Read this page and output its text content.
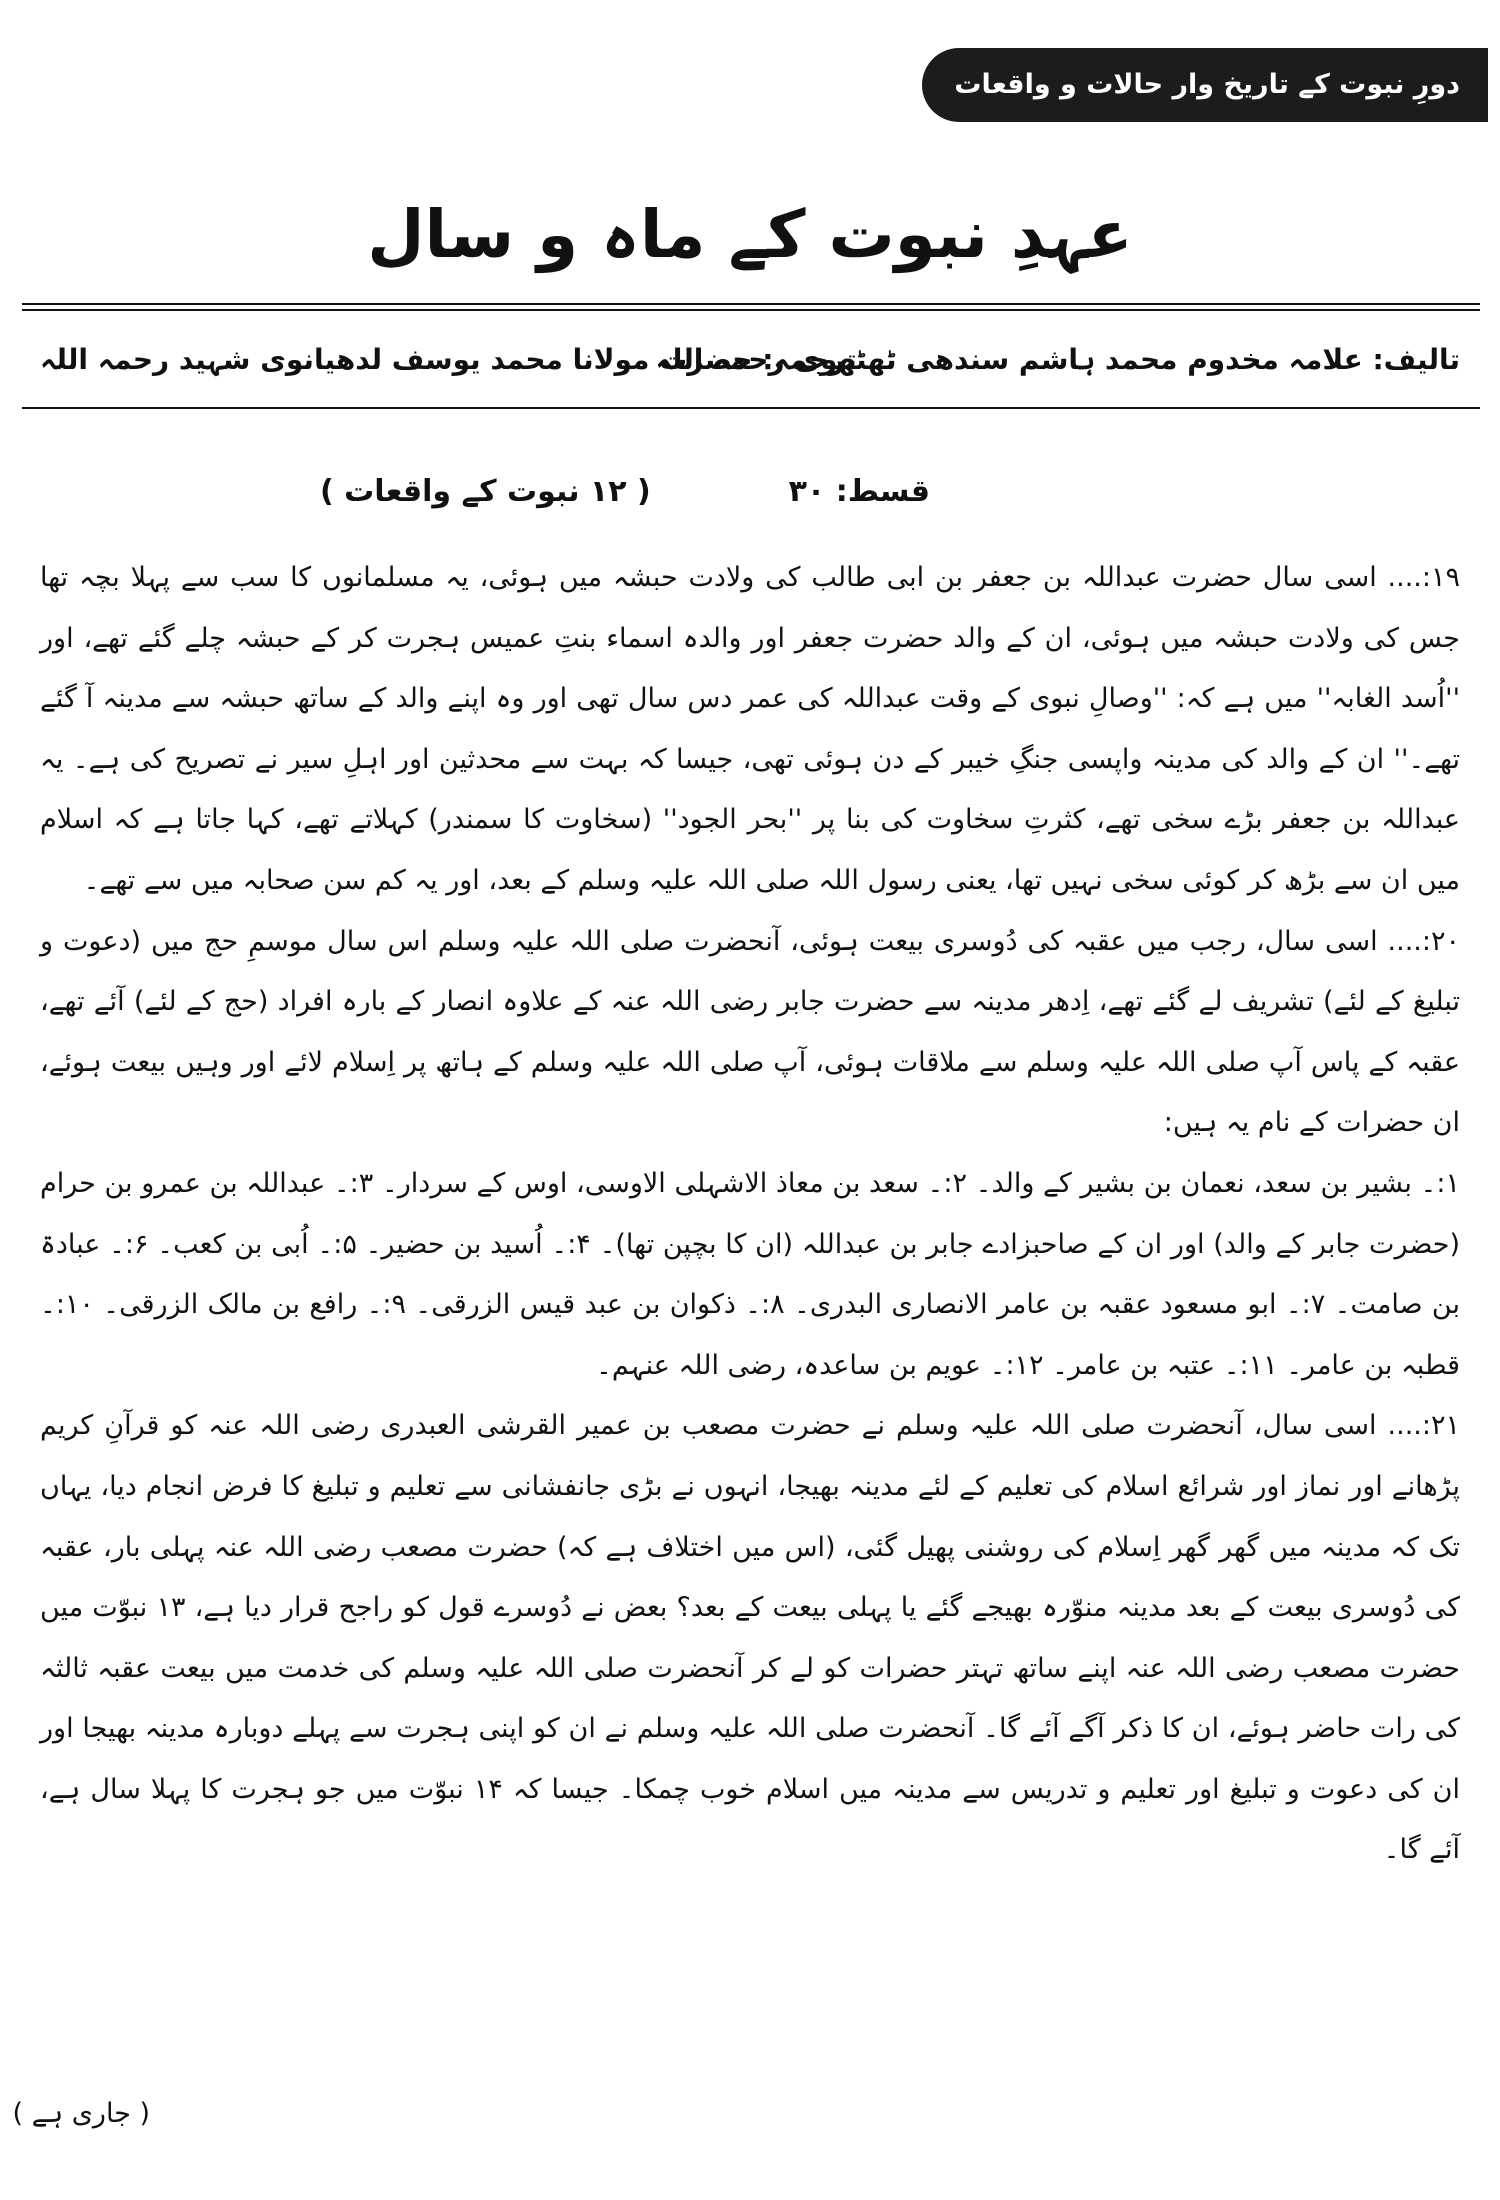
دورِ نبوت کے تاریخ وار حالات و واقعات
عہدِ نبوت کے ماہ و سال
تالیف: علامہ مخدوم محمد ہاشم سندھی ٹھٹھوی رحمہ اللہ
ترجمہ: حضرت مولانا محمد یوسف لدھیانوی شہید رحمہ اللہ
قسط: ۳۰
( ۱۲ نبوت کے واقعات )

۱۹:.... اسی سال حضرت عبداللہ بن جعفر بن ابی طالب کی ولادت حبشہ میں ہوئی، یہ مسلمانوں کا سب سے پہلا بچہ تھا جس کی ولادت حبشہ میں ہوئی، ان کے والد حضرت جعفر اور والدہ اسماء بنتِ عمیس ہجرت کر کے حبشہ چلے گئے تھے، اور ''اُسد الغابہ'' میں ہے کہ: ''وصالِ نبوی کے وقت عبداللہ کی عمر دس سال تھی اور وہ اپنے والد کے ساتھ حبشہ سے مدینہ آ گئے تھے۔'' ان کے والد کی مدینہ واپسی جنگِ خیبر کے دن ہوئی تھی، جیسا کہ بہت سے محدثین اور اہلِ سیر نے تصریح کی ہے۔ یہ عبداللہ بن جعفر بڑے سخی تھے، کثرتِ سخاوت کی بنا پر ''بحر الجود'' (سخاوت کا سمندر) کہلاتے تھے، کہا جاتا ہے کہ اسلام میں ان سے بڑھ کر کوئی سخی نہیں تھا، یعنی رسول اللہ صلی اللہ علیہ وسلم کے بعد، اور یہ کم سن صحابہ میں سے تھے۔

۲۰:.... اسی سال، رجب میں عقبہ کی دُوسری بیعت ہوئی، آنحضرت صلی اللہ علیہ وسلم اس سال موسمِ حج میں (دعوت و تبلیغ کے لئے) تشریف لے گئے تھے، اِدھر مدینہ سے حضرت جابر رضی اللہ عنہ کے علاوہ انصار کے بارہ افراد (حج کے لئے) آئے تھے، عقبہ کے پاس آپ صلی اللہ علیہ وسلم سے ملاقات ہوئی، آپ صلی اللہ علیہ وسلم کے ہاتھ پر اِسلام لائے اور وہیں بیعت ہوئے، ان حضرات کے نام یہ ہیں:

۱:۔ بشیر بن سعد، نعمان بن بشیر کے والد۔ ۲:۔ سعد بن معاذ الاشہلی الاوسی، اوس کے سردار۔ ۳:۔ عبداللہ بن عمرو بن حرام (حضرت جابر کے والد) اور ان کے صاحبزادے جابر بن عبداللہ (ان کا بچپن تھا)۔ ۴:۔ اُسید بن حضیر۔ ۵:۔ اُبی بن کعب۔ ۶:۔ عبادۃ بن صامت۔ ۷:۔ ابو مسعود عقبہ بن عامر الانصاری البدری۔ ۸:۔ ذکوان بن عبد قیس الزرقی۔ ۹:۔ رافع بن مالک الزرقی۔ ۱۰:۔ قطبہ بن عامر۔ ۱۱:۔ عتبہ بن عامر۔ ۱۲:۔ عویم بن ساعدہ، رضی اللہ عنہم۔

۲۱:.... اسی سال، آنحضرت صلی اللہ علیہ وسلم نے حضرت مصعب بن عمیر القرشی العبدری رضی اللہ عنہ کو قرآنِ کریم پڑھانے اور نماز اور شرائع اسلام کی تعلیم کے لئے مدینہ بھیجا، انہوں نے بڑی جانفشانی سے تعلیم و تبلیغ کا فرض انجام دیا، یہاں تک کہ مدینہ میں گھر گھر اِسلام کی روشنی پھیل گئی، (اس میں اختلاف ہے کہ) حضرت مصعب رضی اللہ عنہ پہلی بار، عقبہ کی دُوسری بیعت کے بعد مدینہ منوّرہ بھیجے گئے یا پہلی بیعت کے بعد؟ بعض نے دُوسرے قول کو راجح قرار دیا ہے، ۱۳ نبوّت میں حضرت مصعب رضی اللہ عنہ اپنے ساتھ تہتر حضرات کو لے کر آنحضرت صلی اللہ علیہ وسلم کی خدمت میں بیعت عقبہ ثالثہ کی رات حاضر ہوئے، ان کا ذکر آگے آئے گا۔ آنحضرت صلی اللہ علیہ وسلم نے ان کو اپنی ہجرت سے پہلے دوبارہ مدینہ بھیجا اور ان کی دعوت و تبلیغ اور تعلیم و تدریس سے مدینہ میں اسلام خوب چمکا۔ جیسا کہ ۱۴ نبوّت میں جو ہجرت کا پہلا سال ہے، آئے گا۔

( جاری ہے )
